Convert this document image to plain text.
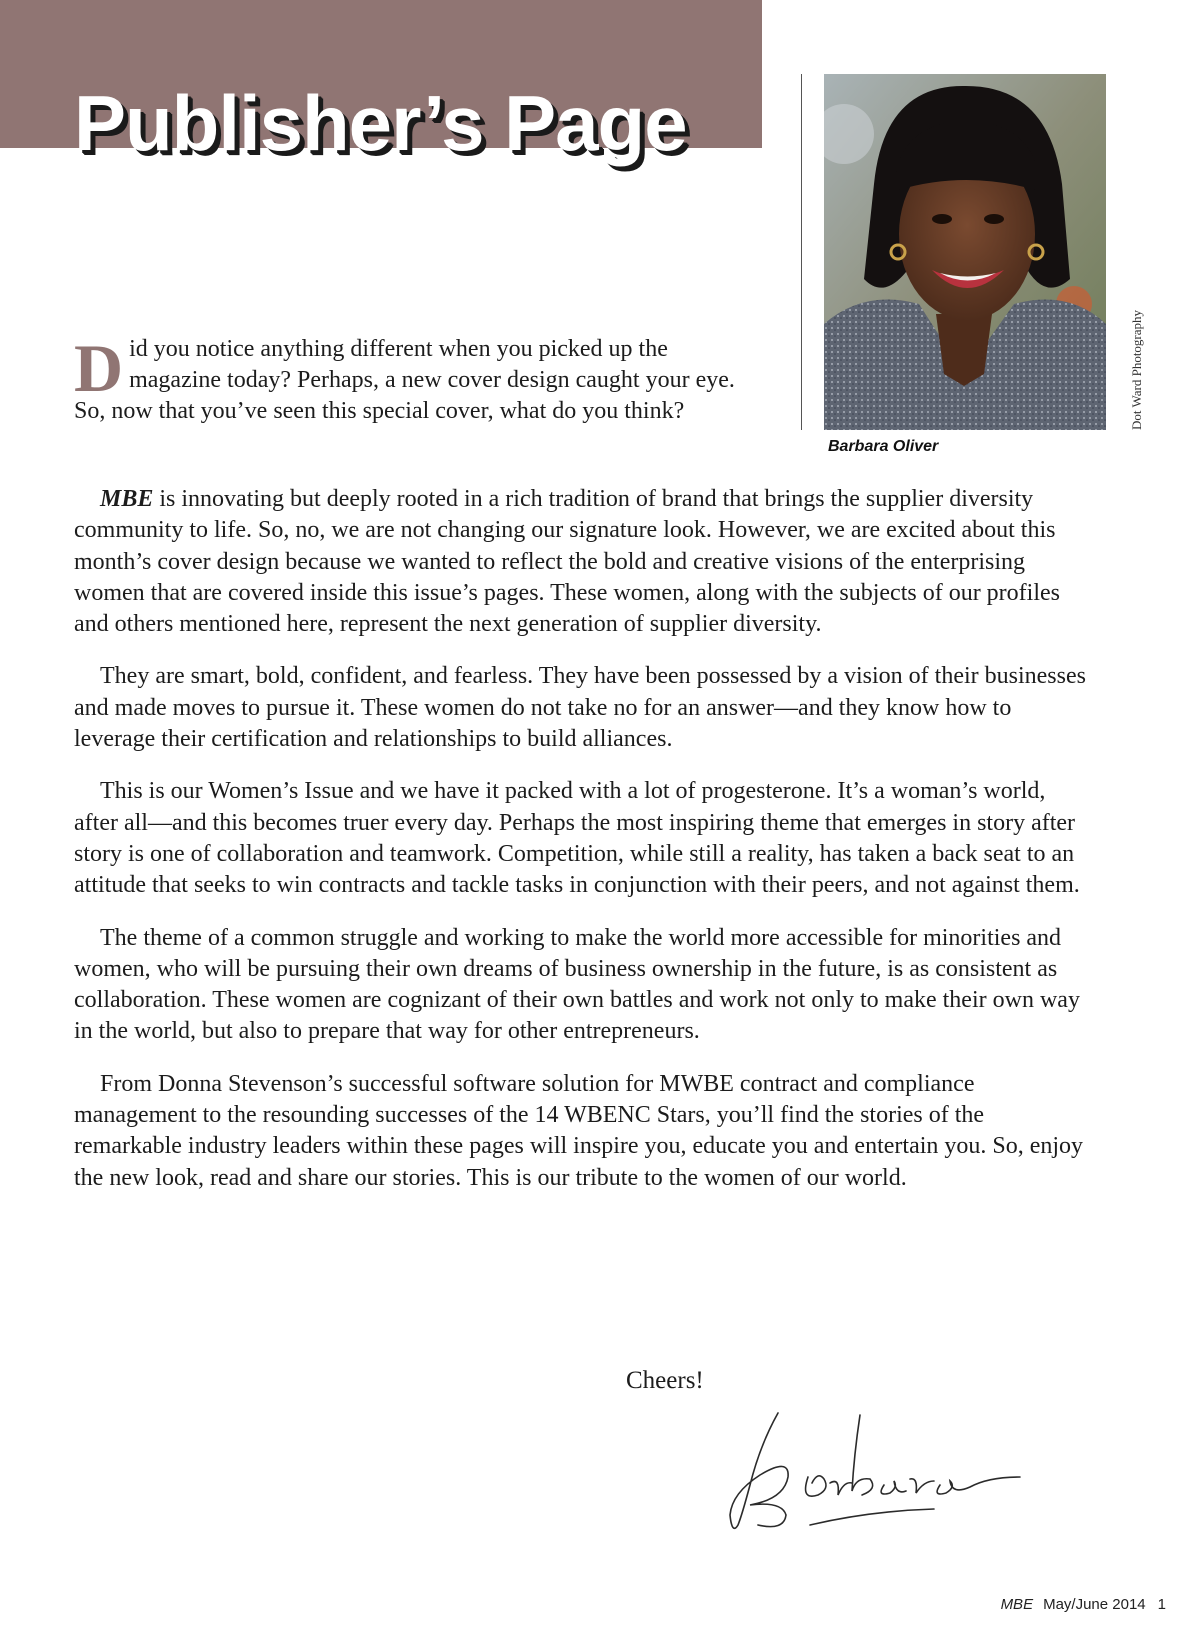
Publisher’s Page
Barbara Oliver
Dot Ward Photography

Did you notice anything different when you picked up the magazine today? Perhaps, a new cover design caught your eye. So, now that you’ve seen this special cover, what do you think?

MBE is innovating but deeply rooted in a rich tradition of brand that brings the supplier diversity community to life. So, no, we are not changing our signature look. However, we are excited about this month’s cover design because we wanted to reflect the bold and creative visions of the enterprising women that are covered inside this issue’s pages. These women, along with the subjects of our profiles and others mentioned here, represent the next generation of supplier diversity.

They are smart, bold, confident, and fearless. They have been possessed by a vision of their businesses and made moves to pursue it. These women do not take no for an answer—and they know how to leverage their certification and relationships to build alliances.

This is our Women’s Issue and we have it packed with a lot of progesterone. It’s a woman’s world, after all—and this becomes truer every day. Perhaps the most inspiring theme that emerges in story after story is one of collaboration and teamwork. Competition, while still a reality, has taken a back seat to an attitude that seeks to win contracts and tackle tasks in conjunction with their peers, and not against them.

The theme of a common struggle and working to make the world more accessible for minorities and women, who will be pursuing their own dreams of business ownership in the future, is as consistent as collaboration. These women are cognizant of their own battles and work not only to make their own way in the world, but also to prepare that way for other entrepreneurs.

From Donna Stevenson’s successful software solution for MWBE contract and compliance management to the resounding successes of the 14 WBENC Stars, you’ll find the stories of the remarkable industry leaders within these pages will inspire you, educate you and entertain you. So, enjoy the new look, read and share our stories. This is our tribute to the women of our world.

Cheers!
MBE May/June 2014 1
